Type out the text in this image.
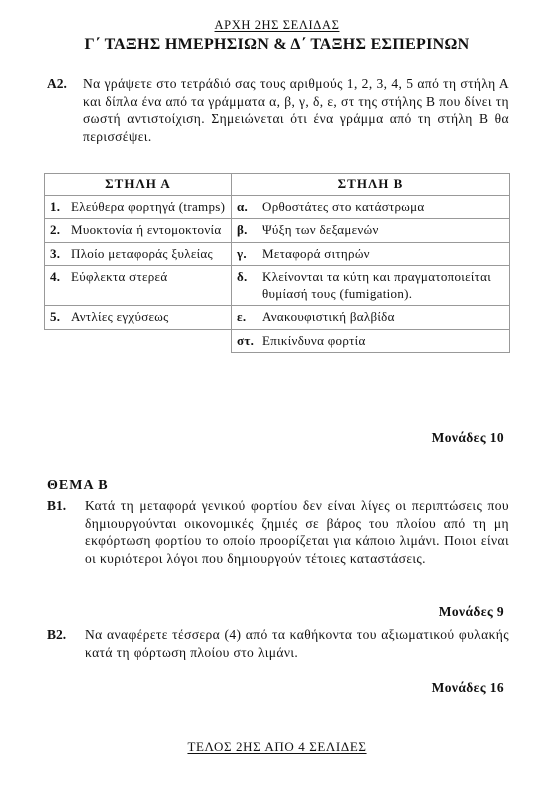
ΑΡΧΗ 2ΗΣ ΣΕΛΙΔΑΣ
Γ΄ ΤΑΞΗΣ ΗΜΕΡΗΣΙΩΝ & Δ΄ ΤΑΞΗΣ ΕΣΠΕΡΙΝΩΝ
Α2. Να γράψετε στο τετράδιό σας τους αριθμούς 1, 2, 3, 4, 5 από τη στήλη Α και δίπλα ένα από τα γράμματα α, β, γ, δ, ε, στ της στήλης Β που δίνει τη σωστή αντιστοίχιση. Σημειώνεται ότι ένα γράμμα από τη στήλη Β θα περισσέψει.
ΣΤΗΛΗ Α		ΣΤΗΛΗ Β	
1.	Ελεύθερα φορτηγά (tramps)	α.	Ορθοστάτες στο κατάστρωμα
2.	Μυοκτονία ή εντομοκτονία	β.	Ψύξη των δεξαμενών
3.	Πλοίο μεταφοράς ξυλείας	γ.	Μεταφορά σιτηρών
4.	Εύφλεκτα στερεά	δ.	Κλείνονται τα κύτη και πραγματοποιείται θυμίασή τους (fumigation).
5.	Αντλίες εγχύσεως	ε.	Ανακουφιστική βαλβίδα
		στ.	Επικίνδυνα φορτία
Μονάδες 10
ΘΕΜΑ Β
Β1. Κατά τη μεταφορά γενικού φορτίου δεν είναι λίγες οι περιπτώσεις που δημιουργούνται οικονομικές ζημιές σε βάρος του πλοίου από τη μη εκφόρτωση φορτίου το οποίο προορίζεται για κάποιο λιμάνι. Ποιοι είναι οι κυριότεροι λόγοι που δημιουργούν τέτοιες καταστάσεις.
Μονάδες 9
Β2. Να αναφέρετε τέσσερα (4) από τα καθήκοντα του αξιωματικού φυλακής κατά τη φόρτωση πλοίου στο λιμάνι.
Μονάδες 16
ΤΕΛΟΣ 2ΗΣ ΑΠΟ 4 ΣΕΛΙΔΕΣ
